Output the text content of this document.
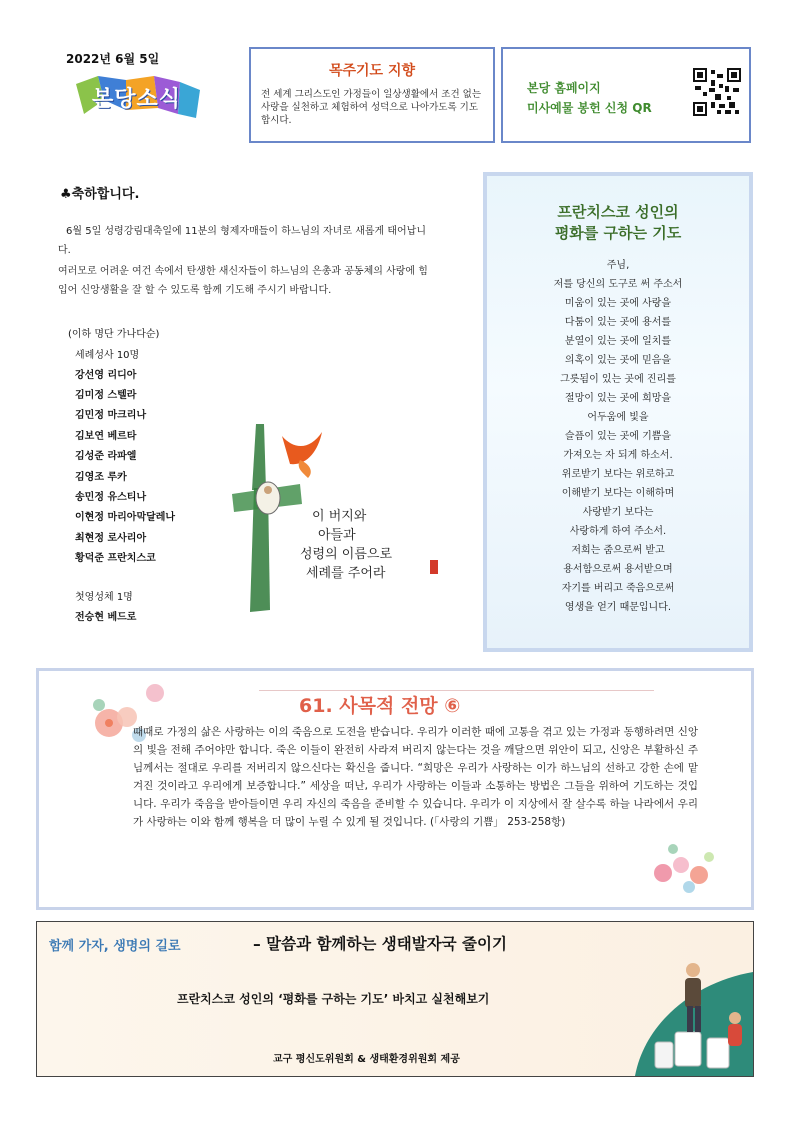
2022년 6월 5일
본당소식
목주기도 지향
전 세계 그리스도인 가정들이 일상생활에서 조건 없는 사랑을 실천하고 체험하여 성덕으로 나아가도록 기도합시다.
본당 홈페이지
미사예물 봉헌 신청 QR
♣축하합니다.
6월 5일 성령강림대축일에 11분의 형제자매들이 하느님의 자녀로 새롭게 태어납니다.
여러모로 어려운 여건 속에서 탄생한 새신자들이 하느님의 은총과 공동체의 사랑에 힘입어 신앙생활을 잘 할 수 있도록 함께 기도해 주시기 바랍니다.
(이하 명단 가나다순)
세례성사 10명
강선영 리디아
김미정 스텔라
김민정 마크리나
김보연 베르타
김성준 라파엘
김영조 루카
송민정 유스티나
이현정 마리아막달레나
최현정 로사리아
황덕준 프란치스코
첫영성체 1명
전승현 베드로
이 버지와
아들과
성령의 이름으로
세례를 주어라
프란치스코 성인의
평화를 구하는 기도
주님,
저를 당신의 도구로 써 주소서
미움이 있는 곳에 사랑을
다툼이 있는 곳에 용서를
분열이 있는 곳에 일치를
의혹이 있는 곳에 믿음을
그릇됨이 있는 곳에 진리를
절망이 있는 곳에 희망을
어두움에 빛을
슬픔이 있는 곳에 기쁨을
가져오는 자 되게 하소서.
위로받기 보다는 위로하고
이해받기 보다는 이해하며
사랑받기 보다는
사랑하게 하여 주소서.
저희는 줌으로써 받고
용서함으로써 용서받으며
자기를 버리고 죽음으로써
영생을 얻기 때문입니다.
61. 사목적 전망 ⑥
때때로 가정의 삶은 사랑하는 이의 죽음으로 도전을 받습니다. 우리가 이러한 때에 고통을 겪고 있는 가정과 동행하려면 신앙의 빛을 전해 주어야만 합니다. 죽은 이들이 완전히 사라져 버리지 않는다는 것을 깨달으면 위안이 되고, 신앙은 부활하신 주님께서는 절대로 우리를 저버리지 않으신다는 확신을 줍니다. “희망은 우리가 사랑하는 이가 하느님의 선하고 강한 손에 맡겨진 것이라고 우리에게 보증합니다.” 세상을 떠난, 우리가 사랑하는 이들과 소통하는 방법은 그들을 위하여 기도하는 것입니다. 우리가 죽음을 받아들이면 우리 자신의 죽음을 준비할 수 있습니다. 우리가 이 지상에서 잘 살수록 하늘 나라에서 우리가 사랑하는 이와 함께 행복을 더 많이 누릴 수 있게 될 것입니다. (「사랑의 기쁨」 253-258항)
함께 가자, 생명의 길로	– 말씀과 함께하는 생태발자국 줄이기
프란치스코 성인의 ‘평화를 구하는 기도’ 바치고 실천해보기
교구 평신도위원회 & 생태환경위원회 제공
